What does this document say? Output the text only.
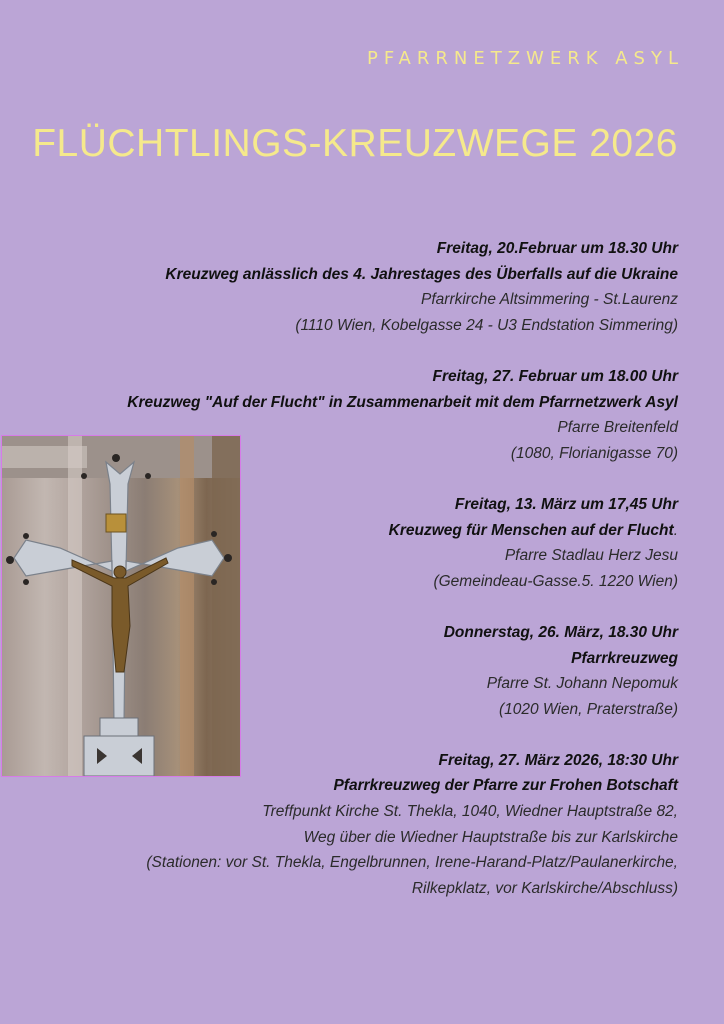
PFARRNETZWERK ASYL

FLÜCHTLINGS-KREUZWEGE 2026
Freitag, 20.Februar um 18.30 Uhr
Kreuzweg anlässlich des 4. Jahrestages des Überfalls auf die Ukraine
Pfarrkirche Altsimmering - St.Laurenz
(1110 Wien, Kobelgasse 24 - U3 Endstation Simmering)
Freitag, 27. Februar um 18.00 Uhr
Kreuzweg "Auf der Flucht" in Zusammenarbeit mit dem Pfarrnetzwerk Asyl
Pfarre Breitenfeld
(1080, Florianigasse 70)
Freitag, 13. März um 17,45 Uhr
Kreuzweg für Menschen auf der Flucht.
Pfarre Stadlau Herz Jesu
(Gemeindeau-Gasse.5. 1220 Wien)
Donnerstag, 26. März, 18.30 Uhr
Pfarrkreuzweg
Pfarre St. Johann Nepomuk
(1020 Wien, Praterstraße)
Freitag, 27. März 2026, 18:30 Uhr
Pfarrkreuzweg der Pfarre zur Frohen Botschaft
Treffpunkt Kirche St. Thekla, 1040, Wiedner Hauptstraße 82,
Weg über die Wiedner Hauptstraße bis zur Karlskirche
(Stationen: vor St. Thekla, Engelbrunnen, Irene-Harand-Platz/Paulanerkirche,
Rilkepklatz, vor Karlskirche/Abschluss)
